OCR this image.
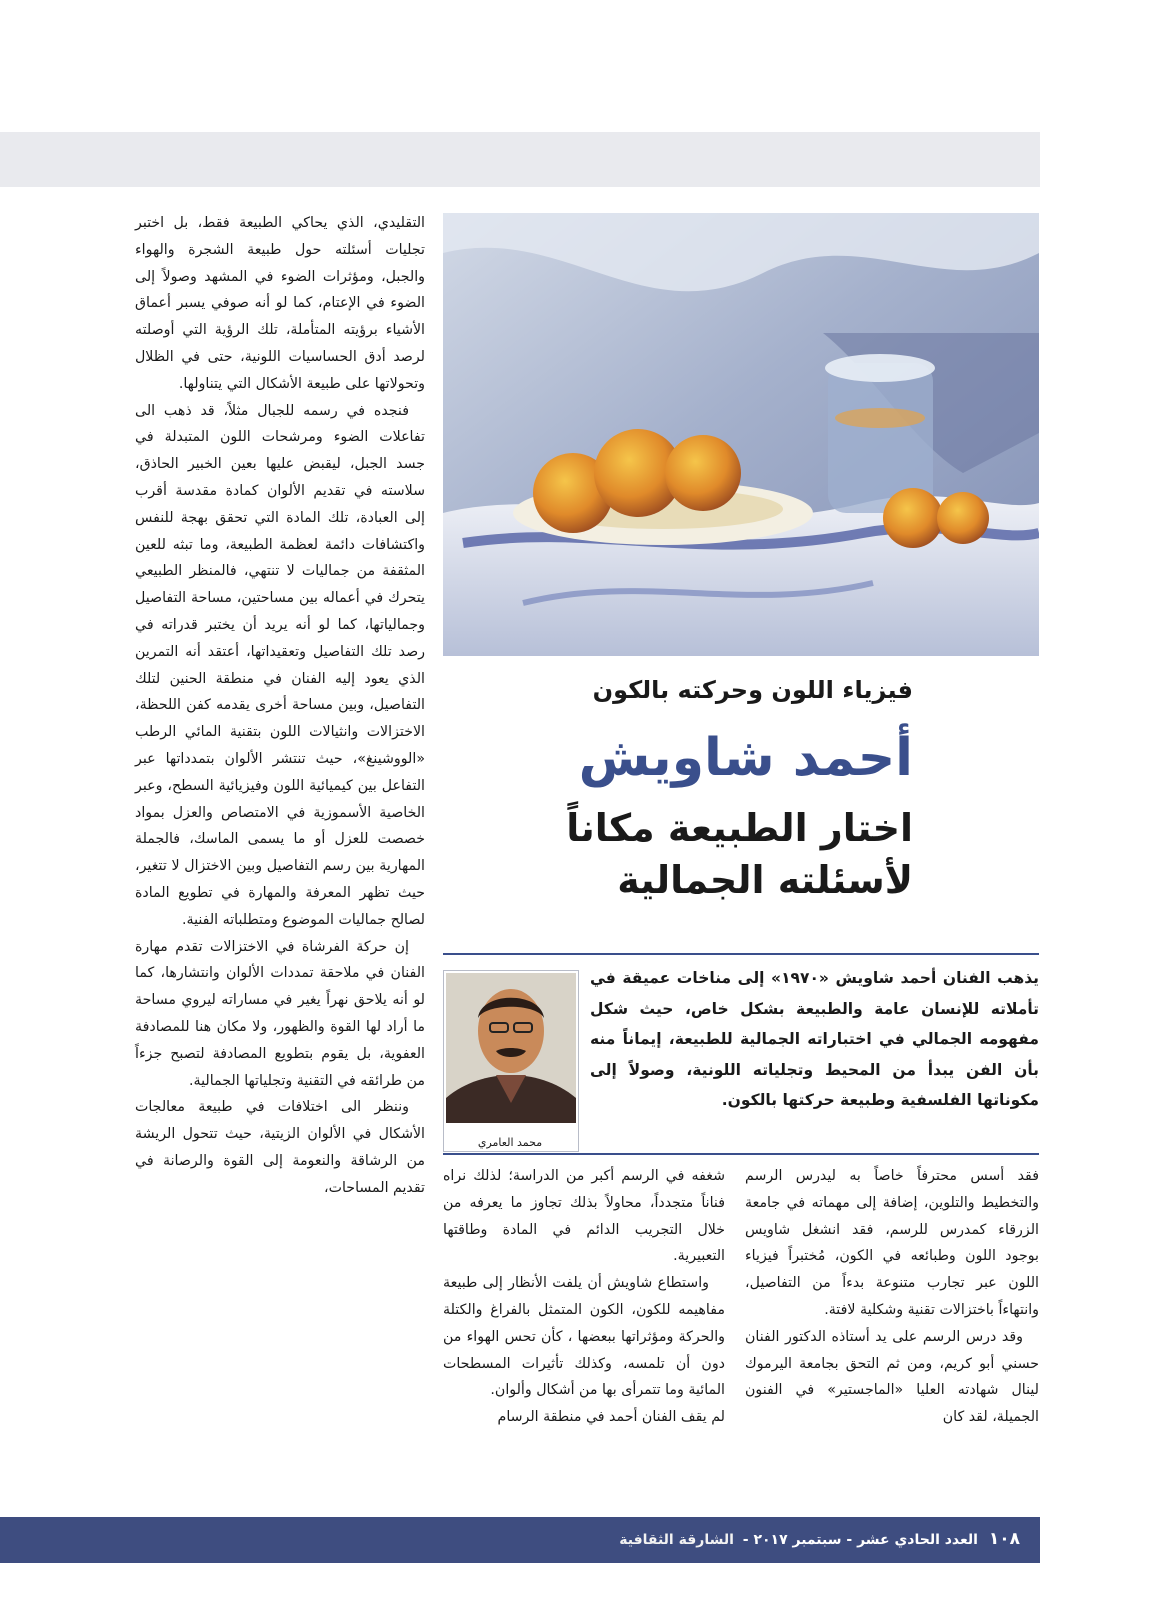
التقليدي، الذي يحاكي الطبيعة فقط، بل اختبر تجليات أسئلته حول طبيعة الشجرة والهواء والجبل، ومؤثرات الضوء في المشهد وصولاً إلى الضوء في الإعتام، كما لو أنه صوفي يسبر أعماق الأشياء برؤيته المتأملة، تلك الرؤية التي أوصلته لرصد أدق الحساسيات اللونية، حتى في الظلال وتحولاتها على طبيعة الأشكال التي يتناولها.

فنجده في رسمه للجبال مثلاً، قد ذهب الى تفاعلات الضوء ومرشحات اللون المتبدلة في جسد الجبل، ليقبض عليها بعين الخبير الحاذق، سلاسته في تقديم الألوان كمادة مقدسة أقرب إلى العبادة، تلك المادة التي تحقق بهجة للنفس واكتشافات دائمة لعظمة الطبيعة، وما تبثه للعين المثقفة من جماليات لا تنتهي، فالمنظر الطبيعي يتحرك في أعماله بين مساحتين، مساحة التفاصيل وجمالياتها، كما لو أنه يريد أن يختبر قدراته في رصد تلك التفاصيل وتعقيداتها، أعتقد أنه التمرين الذي يعود إليه الفنان في منطقة الحنين لتلك التفاصيل، وبين مساحة أخرى يقدمه كفن اللحظة، الاختزالات وانثيالات اللون بتقنية المائي الرطب «الووشينغ»، حيث تنتشر الألوان بتمدداتها عبر التفاعل بين كيميائية اللون وفيزيائية السطح، وعبر الخاصية الأسموزية في الامتصاص والعزل بمواد خصصت للعزل أو ما يسمى الماسك، فالجملة المهارية بين رسم التفاصيل وبين الاختزال لا تتغير، حيث تظهر المعرفة والمهارة في تطويع المادة لصالح جماليات الموضوع ومتطلباته الفنية.

إن حركة الفرشاة في الاختزالات تقدم مهارة الفنان في ملاحقة تمددات الألوان وانتشارها، كما لو أنه يلاحق نهراً يغير في مساراته ليروي مساحة ما أراد لها القوة والظهور، ولا مكان هنا للمصادفة العفوية، بل يقوم بتطويع المصادفة لتصبح جزءاً من طرائقه في التقنية وتجلياتها الجمالية.

وننظر الى اختلافات في طبيعة معالجات الأشكال في الألوان الزيتية، حيث تتحول الريشة من الرشاقة والنعومة إلى القوة والرصانة في تقديم المساحات،

فيزياء اللون وحركته بالكون
أحمد شاويش
اختار الطبيعة مكاناً
لأسئلته الجمالية
يذهب الفنان أحمد شاويش «١٩٧٠» إلى مناخات عميقة في تأملاته للإنسان عامة والطبيعة بشكل خاص، حيث شكل مفهومه الجمالي في اختباراته الجمالية للطبيعة، إيماناً منه بأن الفن يبدأ من المحيط وتجلياته اللونية، وصولاً إلى مكوناتها الفلسفية وطبيعة حركتها بالكون.
محمد العامري

شغفه في الرسم أكبر من الدراسة؛ لذلك نراه فناناً متجدداً، محاولاً بذلك تجاوز ما يعرفه من خلال التجريب الدائم في المادة وطاقتها التعبيرية.

واستطاع شاويش أن يلفت الأنظار إلى طبيعة مفاهيمه للكون، الكون المتمثل بالفراغ والكتلة والحركة ومؤثراتها ببعضها ، كأن تحس الهواء من دون أن تلمسه، وكذلك تأثيرات المسطحات المائية وما تتمرأى بها من أشكال وألوان.

لم يقف الفنان أحمد في منطقة الرسام

فقد أسس محترفاً خاصاً به ليدرس الرسم والتخطيط والتلوين، إضافة إلى مهماته في جامعة الزرقاء كمدرس للرسم، فقد انشغل شاويس بوجود اللون وطبائعه في الكون، مُختبراً فيزياء اللون عبر تجارب متنوعة بدءاً من التفاصيل، وانتهاءاً باختزالات تقنية وشكلية لافتة.

وقد درس الرسم على يد أستاذه الدكتور الفنان حسني أبو كريم، ومن ثم التحق بجامعة اليرموك لينال شهادته العليا «الماجستير» في الفنون الجميلة، لقد كان

١٠٨ العدد الحادي عشر - سبتمبر ٢٠١٧ - الشارقة الثقافية
